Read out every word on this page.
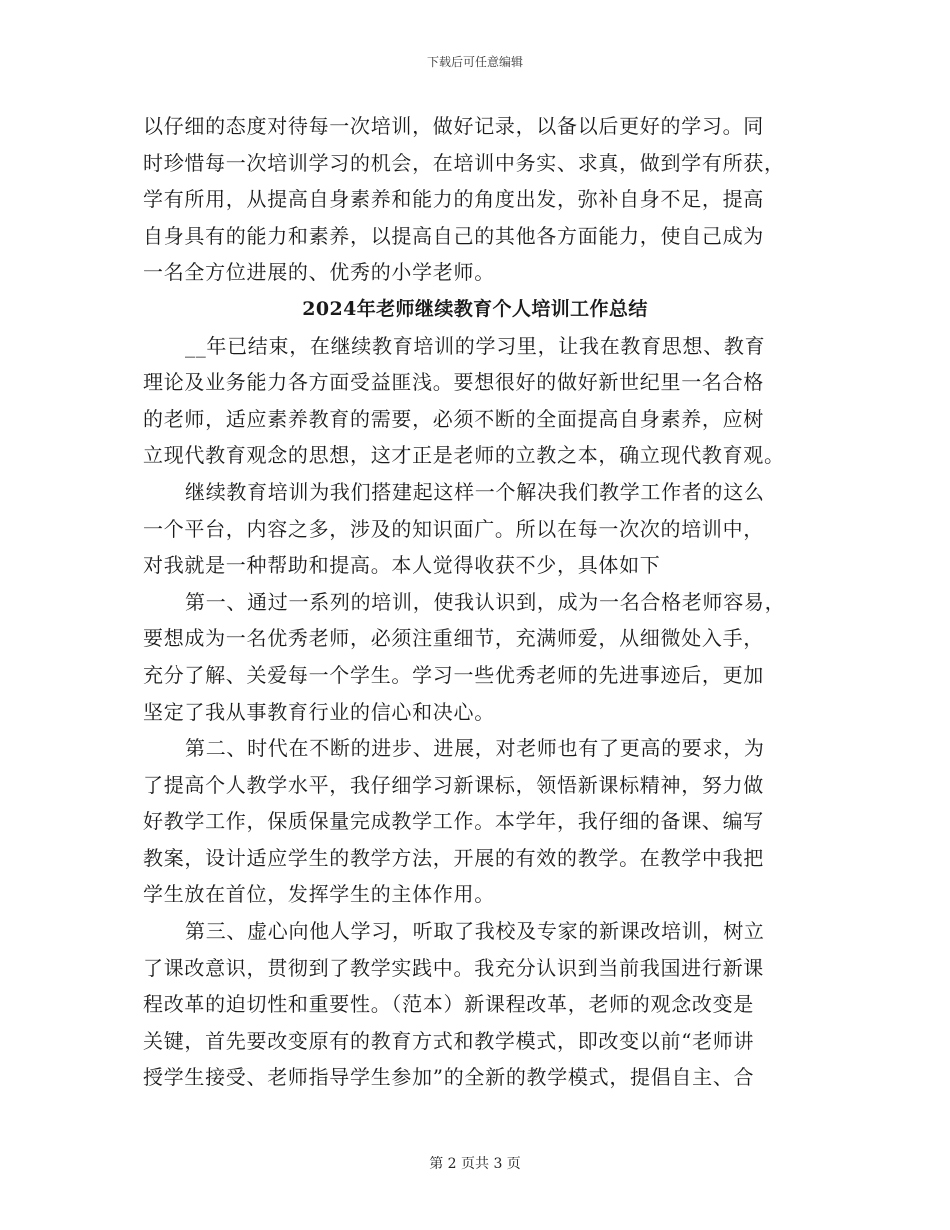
下载后可任意编辑
以仔细的态度对待每一次培训，做好记录，以备以后更好的学习。同
时珍惜每一次培训学习的机会，在培训中务实、求真，做到学有所获，
学有所用，从提高自身素养和能力的角度出发，弥补自身不足，提高
自身具有的能力和素养，以提高自己的其他各方面能力，使自己成为
一名全方位进展的、优秀的小学老师。
2024年老师继续教育个人培训工作总结
__年已结束，在继续教育培训的学习里，让我在教育思想、教育
理论及业务能力各方面受益匪浅。要想很好的做好新世纪里一名合格
的老师，适应素养教育的需要，必须不断的全面提高自身素养，应树
立现代教育观念的思想，这才正是老师的立教之本，确立现代教育观。
继续教育培训为我们搭建起这样一个解决我们教学工作者的这么
一个平台，内容之多，涉及的知识面广。所以在每一次次的培训中，
对我就是一种帮助和提高。本人觉得收获不少，具体如下
第一、通过一系列的培训，使我认识到，成为一名合格老师容易，
要想成为一名优秀老师，必须注重细节，充满师爱，从细微处入手，
充分了解、关爱每一个学生。学习一些优秀老师的先进事迹后，更加
坚定了我从事教育行业的信心和决心。
第二、时代在不断的进步、进展，对老师也有了更高的要求，为
了提高个人教学水平，我仔细学习新课标，领悟新课标精神，努力做
好教学工作，保质保量完成教学工作。本学年，我仔细的备课、编写
教案，设计适应学生的教学方法，开展的有效的教学。在教学中我把
学生放在首位，发挥学生的主体作用。
第三、虚心向他人学习，听取了我校及专家的新课改培训，树立
了课改意识，贯彻到了教学实践中。我充分认识到当前我国进行新课
程改革的迫切性和重要性。（范本）新课程改革，老师的观念改变是
关键，首先要改变原有的教育方式和教学模式，即改变以前“老师讲
授学生接受、老师指导学生参加”的全新的教学模式，提倡自主、合
第 2 页共 3 页
